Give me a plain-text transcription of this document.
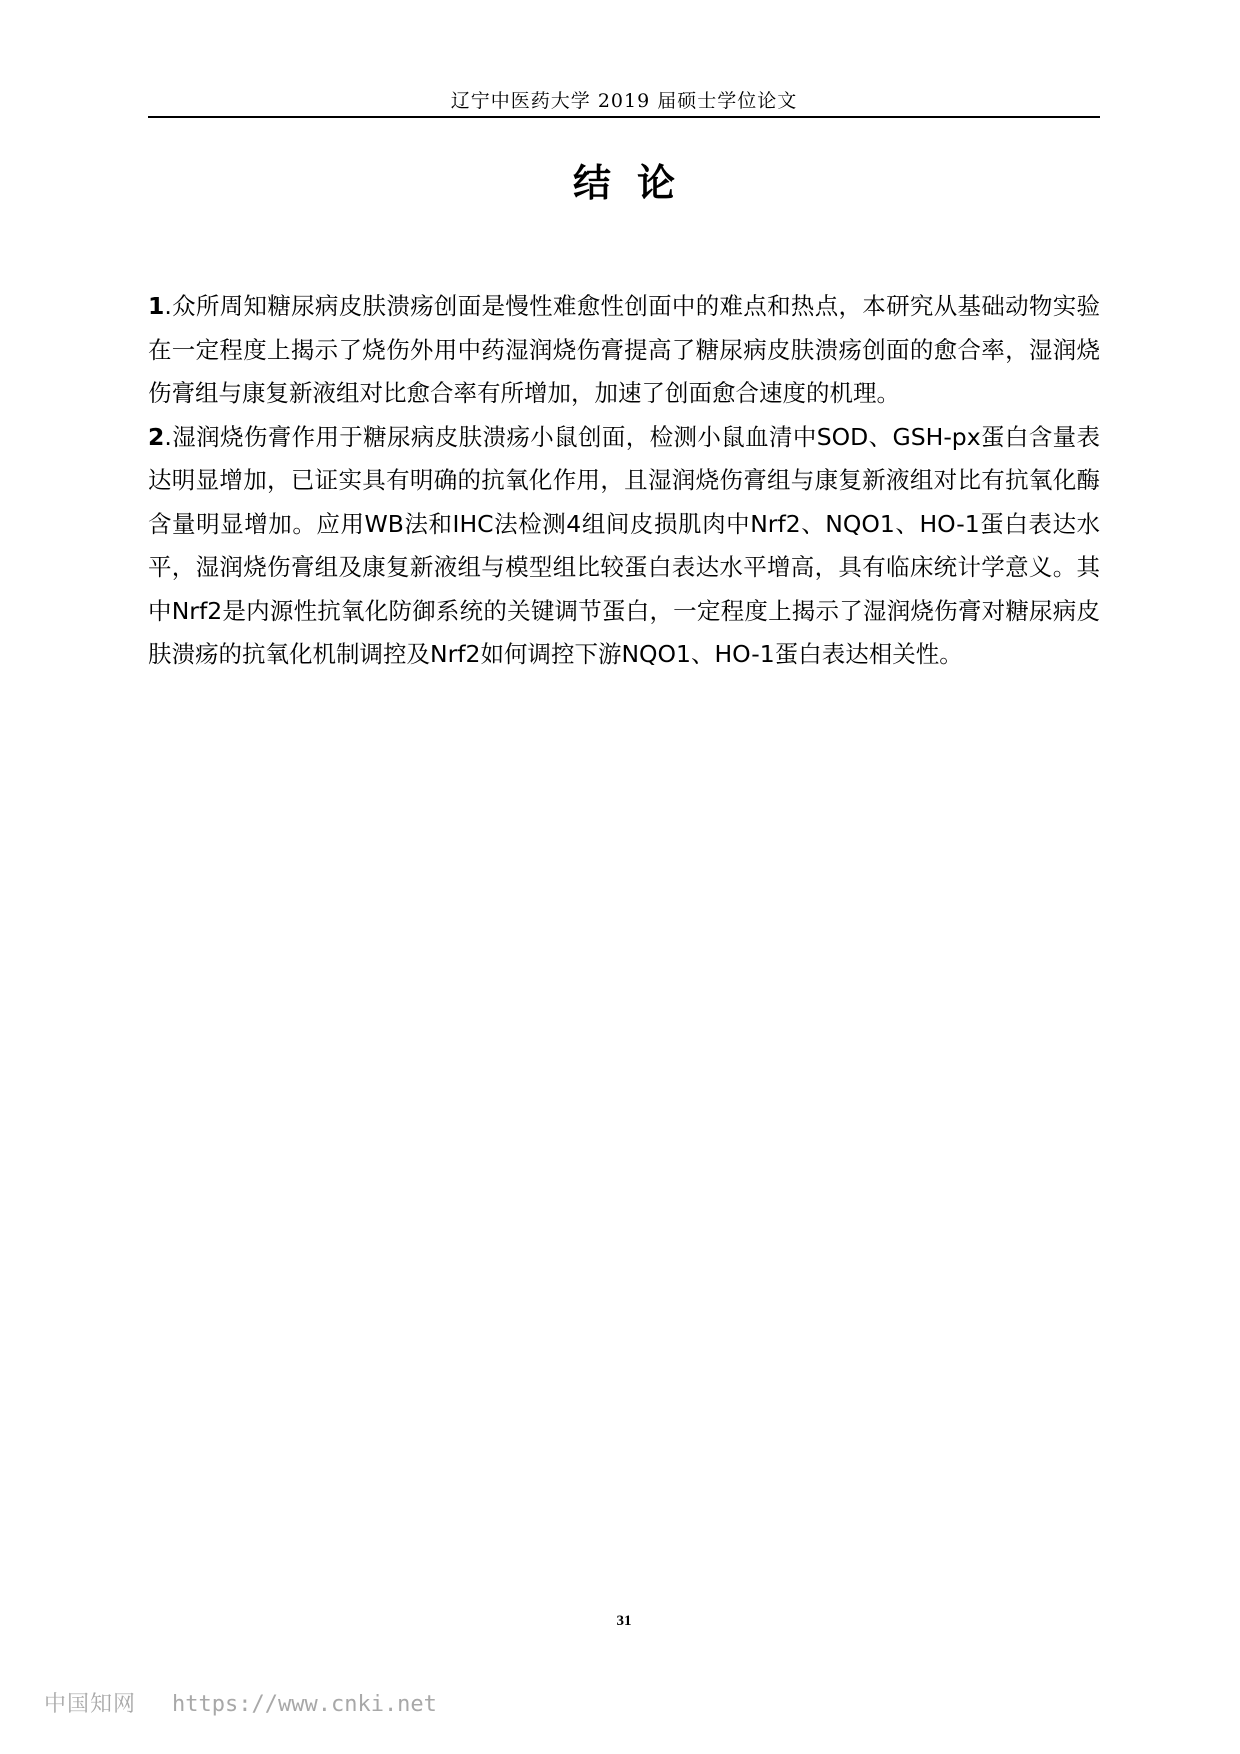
辽宁中医药大学 2019 届硕士学位论文
结论

1.众所周知糖尿病皮肤溃疡创面是慢性难愈性创面中的难点和热点，本研究从基础动物实验在一定程度上揭示了烧伤外用中药湿润烧伤膏提高了糖尿病皮肤溃疡创面的愈合率，湿润烧伤膏组与康复新液组对比愈合率有所增加，加速了创面愈合速度的机理。

2.湿润烧伤膏作用于糖尿病皮肤溃疡小鼠创面，检测小鼠血清中SOD、GSH-px蛋白含量表达明显增加，已证实具有明确的抗氧化作用，且湿润烧伤膏组与康复新液组对比有抗氧化酶含量明显增加。应用WB法和IHC法检测4组间皮损肌肉中Nrf2、NQO1、HO-1蛋白表达水平，湿润烧伤膏组及康复新液组与模型组比较蛋白表达水平增高，具有临床统计学意义。其中Nrf2是内源性抗氧化防御系统的关键调节蛋白，一定程度上揭示了湿润烧伤膏对糖尿病皮肤溃疡的抗氧化机制调控及Nrf2如何调控下游NQO1、HO-1蛋白表达相关性。

31
中国知网 https://www.cnki.net
